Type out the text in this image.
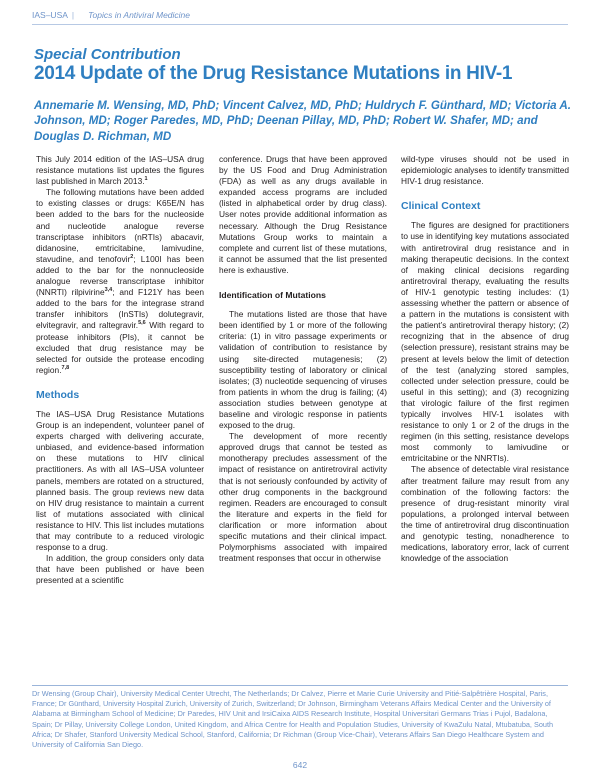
IAS–USA | Topics in Antiviral Medicine
Special Contribution
2014 Update of the Drug Resistance Mutations in HIV-1
Annemarie M. Wensing, MD, PhD; Vincent Calvez, MD, PhD; Huldrych F. Günthard, MD; Victoria A. Johnson, MD; Roger Paredes, MD, PhD; Deenan Pillay, MD, PhD; Robert W. Shafer, MD; and Douglas D. Richman, MD

This July 2014 edition of the IAS–USA drug resistance mutations list updates the figures last published in March 2013.$^1$

The following mutations have been added to existing classes or drugs: K65E/N has been added to the bars for the nucleoside and nucleotide analogue reverse transcriptase inhibitors (nRTIs) abacavir, didanosine, emtricitabine, lamivudine, stavudine, and tenofovir$^2$; L100I has been added to the bar for the nonnucleoside analogue reverse transcriptase inhibitor (NNRTI) rilpivirine$^{3,4}$; and F121Y has been added to the bars for the integrase strand transfer inhibitors (InSTIs) dolutegravir, elvitegravir, and raltegravir.$^{5,6}$ With regard to protease inhibitors (PIs), it cannot be excluded that drug resistance may be selected for outside the protease encoding region.$^{7,8}$

Methods

The IAS–USA Drug Resistance Mutations Group is an independent, volunteer panel of experts charged with delivering accurate, unbiased, and evidence-based information on these mutations to HIV clinical practitioners. As with all IAS–USA volunteer panels, members are rotated on a structured, planned basis. The group reviews new data on HIV drug resistance to maintain a current list of mutations associated with clinical resistance to HIV. This list includes mutations that may contribute to a reduced virologic response to a drug.

In addition, the group considers only data that have been published or have been presented at a scientific

conference. Drugs that have been approved by the US Food and Drug Administration (FDA) as well as any drugs available in expanded access programs are included (listed in alphabetical order by drug class). User notes provide additional information as necessary. Although the Drug Resistance Mutations Group works to maintain a complete and current list of these mutations, it cannot be assumed that the list presented here is exhaustive.

Identification of Mutations

The mutations listed are those that have been identified by 1 or more of the following criteria: (1) in vitro passage experiments or validation of contribution to resistance by using site-directed mutagenesis; (2) susceptibility testing of laboratory or clinical isolates; (3) nucleotide sequencing of viruses from patients in whom the drug is failing; (4) association studies between genotype at baseline and virologic response in patients exposed to the drug.

The development of more recently approved drugs that cannot be tested as monotherapy precludes assessment of the impact of resistance on antiretroviral activity that is not seriously confounded by activity of other drug components in the background regimen. Readers are encouraged to consult the literature and experts in the field for clarification or more information about specific mutations and their clinical impact. Polymorphisms associated with impaired treatment responses that occur in otherwise

wild-type viruses should not be used in epidemiologic analyses to identify transmitted HIV-1 drug resistance.

Clinical Context

The figures are designed for practitioners to use in identifying key mutations associated with antiretroviral drug resistance and in making therapeutic decisions. In the context of making clinical decisions regarding antiretroviral therapy, evaluating the results of HIV-1 genotypic testing includes: (1) assessing whether the pattern or absence of a pattern in the mutations is consistent with the patient’s antiretroviral therapy history; (2) recognizing that in the absence of drug (selection pressure), resistant strains may be present at levels below the limit of detection of the test (analyzing stored samples, collected under selection pressure, could be useful in this setting); and (3) recognizing that virologic failure of the first regimen typically involves HIV-1 isolates with resistance to only 1 or 2 of the drugs in the regimen (in this setting, resistance develops most commonly to lamivudine or emtricitabine or the NNRTIs).

The absence of detectable viral resistance after treatment failure may result from any combination of the following factors: the presence of drug-resistant minority viral populations, a prolonged interval between the time of antiretroviral drug discontinuation and genotypic testing, nonadherence to medications, laboratory error, lack of current knowledge of the association

Dr Wensing (Group Chair), University Medical Center Utrecht, The Netherlands; Dr Calvez, Pierre et Marie Curie University and Pitié-Salpêtrière Hospital, Paris, France; Dr Günthard, University Hospital Zurich, University of Zurich, Switzerland; Dr Johnson, Birmingham Veterans Affairs Medical Center and the University of Alabama at Birmingham School of Medicine; Dr Paredes, HIV Unit and IrsiCaixa AIDS Research Institute, Hospital Universitari Germans Trias i Pujol, Badalona, Spain; Dr Pillay, University College London, United Kingdom, and Africa Centre for Health and Population Studies, University of KwaZulu Natal, Mtubatuba, South Africa; Dr Shafer, Stanford University Medical School, Stanford, California; Dr Richman (Group Vice-Chair), Veterans Affairs San Diego Healthcare System and University of California San Diego.
642
